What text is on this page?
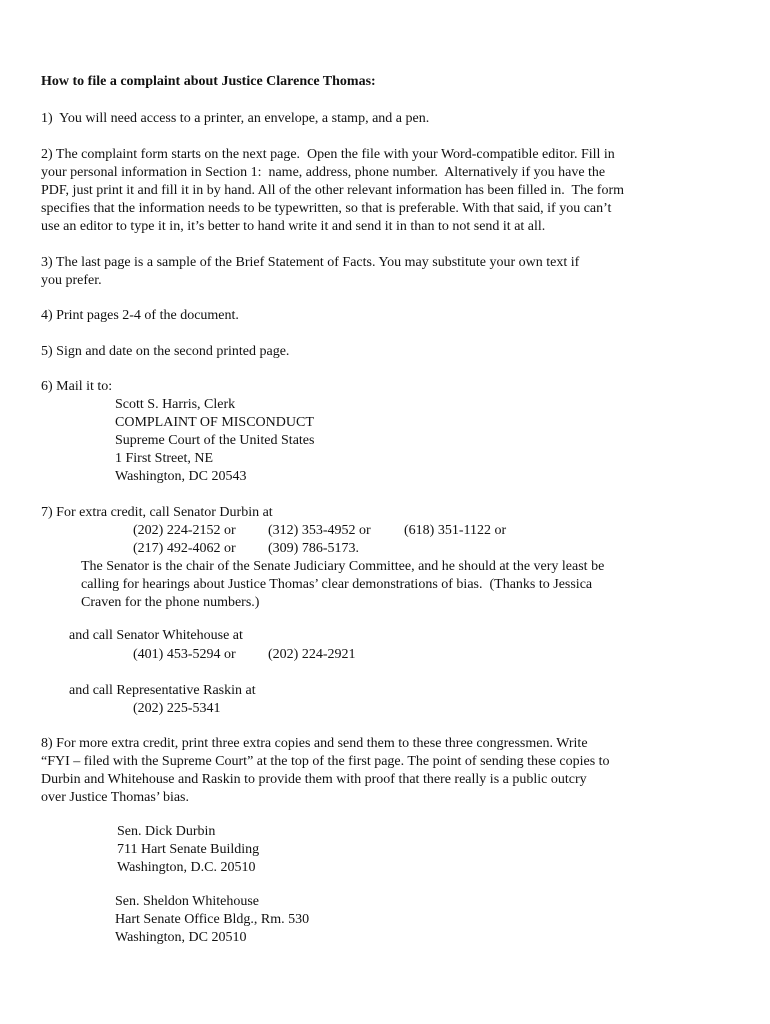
How to file a complaint about Justice Clarence Thomas:

1)  You will need access to a printer, an envelope, a stamp, and a pen.

2) The complaint form starts on the next page.  Open the file with your Word-compatible editor. Fill in

your personal information in Section 1:  name, address, phone number.  Alternatively if you have the

PDF, just print it and fill it in by hand. All of the other relevant information has been filled in.  The form

specifies that the information needs to be typewritten, so that is preferable. With that said, if you can’t

use an editor to type it in, it’s better to hand write it and send it in than to not send it at all.

3) The last page is a sample of the Brief Statement of Facts. You may substitute your own text if

you prefer.

4) Print pages 2-4 of the document.

5) Sign and date on the second printed page.

6) Mail it to:

Scott S. Harris, Clerk

COMPLAINT OF MISCONDUCT

Supreme Court of the United States

1 First Street, NE

Washington, DC 20543

7) For extra credit, call Senator Durbin at

(202) 224-2152 or (312) 353-4952 or (618) 351-1122 or

(217) 492-4062 or (309) 786-5173.

The Senator is the chair of the Senate Judiciary Committee, and he should at the very least be

calling for hearings about Justice Thomas’ clear demonstrations of bias.  (Thanks to Jessica

Craven for the phone numbers.)

and call Senator Whitehouse at

(401) 453-5294 or (202) 224-2921

and call Representative Raskin at

(202) 225-5341

8) For more extra credit, print three extra copies and send them to these three congressmen. Write

“FYI – filed with the Supreme Court” at the top of the first page. The point of sending these copies to

Durbin and Whitehouse and Raskin to provide them with proof that there really is a public outcry

over Justice Thomas’ bias.

Sen. Dick Durbin

711 Hart Senate Building

Washington, D.C. 20510

Sen. Sheldon Whitehouse

Hart Senate Office Bldg., Rm. 530

Washington, DC 20510
